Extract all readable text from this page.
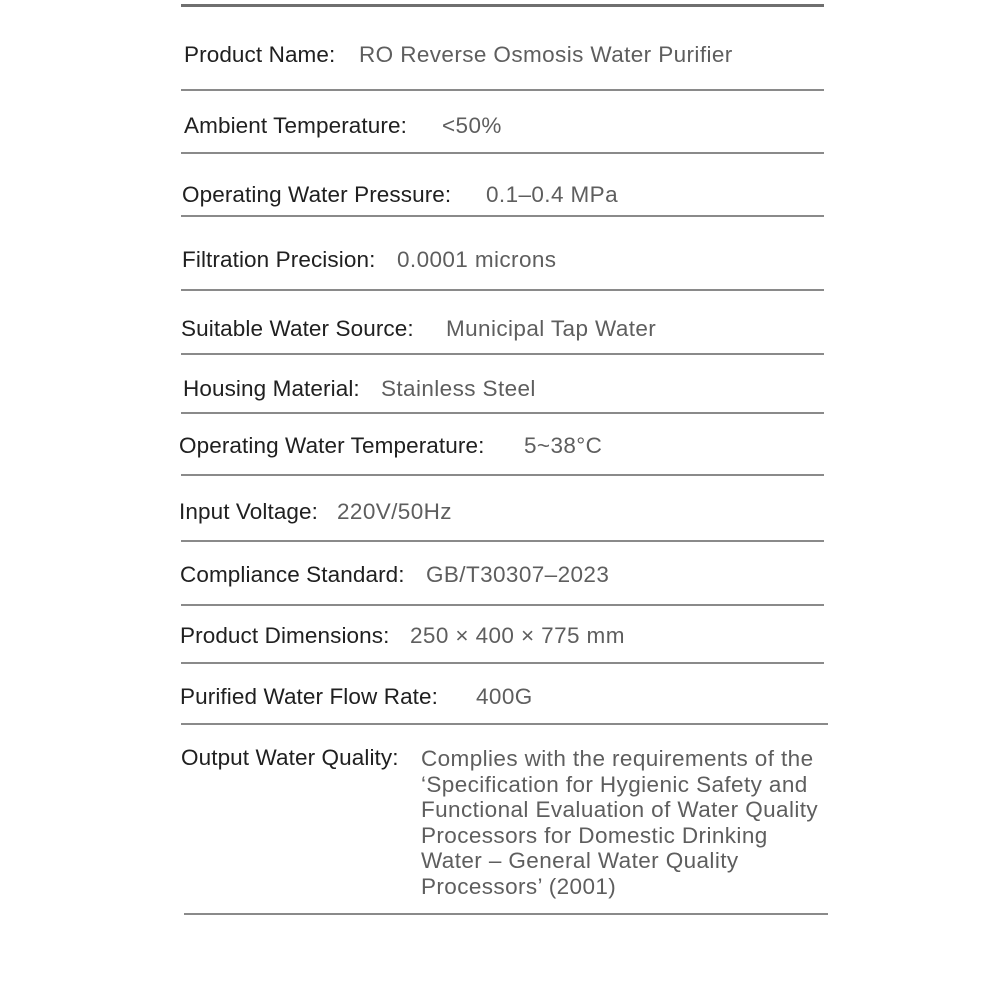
Product Name:	RO Reverse Osmosis Water Purifier
Ambient Temperature:	<50%
Operating Water Pressure:	0.1–0.4 MPa
Filtration Precision: 0.0001 microns
Suitable Water Source:	Municipal Tap Water
Housing Material: Stainless Steel
Operating Water Temperature:	5~38°C
Input Voltage: 220V/50Hz
Compliance Standard: GB/T30307–2023
Product Dimensions: 250 × 400 × 775 mm
Purified Water Flow Rate:	400G
Output Water Quality: Complies with the requirements of the ‘Specification for Hygienic Safety and Functional Evaluation of Water Quality Processors for Domestic Drinking Water – General Water Quality Processors’ (2001)
